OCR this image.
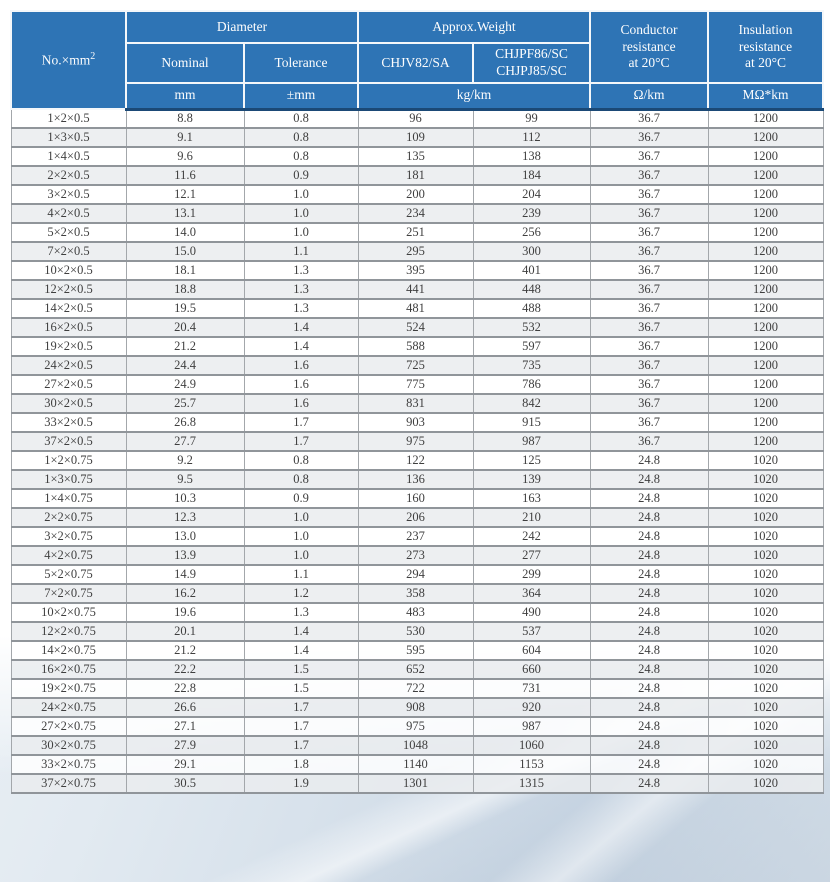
$No.\times mm^2$	Diameter		Approx.Weight		Conductor
resistance
at 20°C	Insulation
resistance
at 20°C

	Nominal	Tolerance	CHJV82/SA	CHJPF86/SC
CHJPJ85/SC		

	mm	±mm	kg/km		Ω/km	MΩ*km
1×2×0.5	8.8	0.8	96	99	36.7	1200
1×3×0.5	9.1	0.8	109	112	36.7	1200
1×4×0.5	9.6	0.8	135	138	36.7	1200
2×2×0.5	11.6	0.9	181	184	36.7	1200
3×2×0.5	12.1	1.0	200	204	36.7	1200
4×2×0.5	13.1	1.0	234	239	36.7	1200
5×2×0.5	14.0	1.0	251	256	36.7	1200
7×2×0.5	15.0	1.1	295	300	36.7	1200
10×2×0.5	18.1	1.3	395	401	36.7	1200
12×2×0.5	18.8	1.3	441	448	36.7	1200
14×2×0.5	19.5	1.3	481	488	36.7	1200
16×2×0.5	20.4	1.4	524	532	36.7	1200
19×2×0.5	21.2	1.4	588	597	36.7	1200
24×2×0.5	24.4	1.6	725	735	36.7	1200
27×2×0.5	24.9	1.6	775	786	36.7	1200
30×2×0.5	25.7	1.6	831	842	36.7	1200
33×2×0.5	26.8	1.7	903	915	36.7	1200
37×2×0.5	27.7	1.7	975	987	36.7	1200
1×2×0.75	9.2	0.8	122	125	24.8	1020
1×3×0.75	9.5	0.8	136	139	24.8	1020
1×4×0.75	10.3	0.9	160	163	24.8	1020
2×2×0.75	12.3	1.0	206	210	24.8	1020
3×2×0.75	13.0	1.0	237	242	24.8	1020
4×2×0.75	13.9	1.0	273	277	24.8	1020
5×2×0.75	14.9	1.1	294	299	24.8	1020
7×2×0.75	16.2	1.2	358	364	24.8	1020
10×2×0.75	19.6	1.3	483	490	24.8	1020
12×2×0.75	20.1	1.4	530	537	24.8	1020
14×2×0.75	21.2	1.4	595	604	24.8	1020
16×2×0.75	22.2	1.5	652	660	24.8	1020
19×2×0.75	22.8	1.5	722	731	24.8	1020
24×2×0.75	26.6	1.7	908	920	24.8	1020
27×2×0.75	27.1	1.7	975	987	24.8	1020
30×2×0.75	27.9	1.7	1048	1060	24.8	1020
33×2×0.75	29.1	1.8	1140	1153	24.8	1020
37×2×0.75	30.5	1.9	1301	1315	24.8	1020
